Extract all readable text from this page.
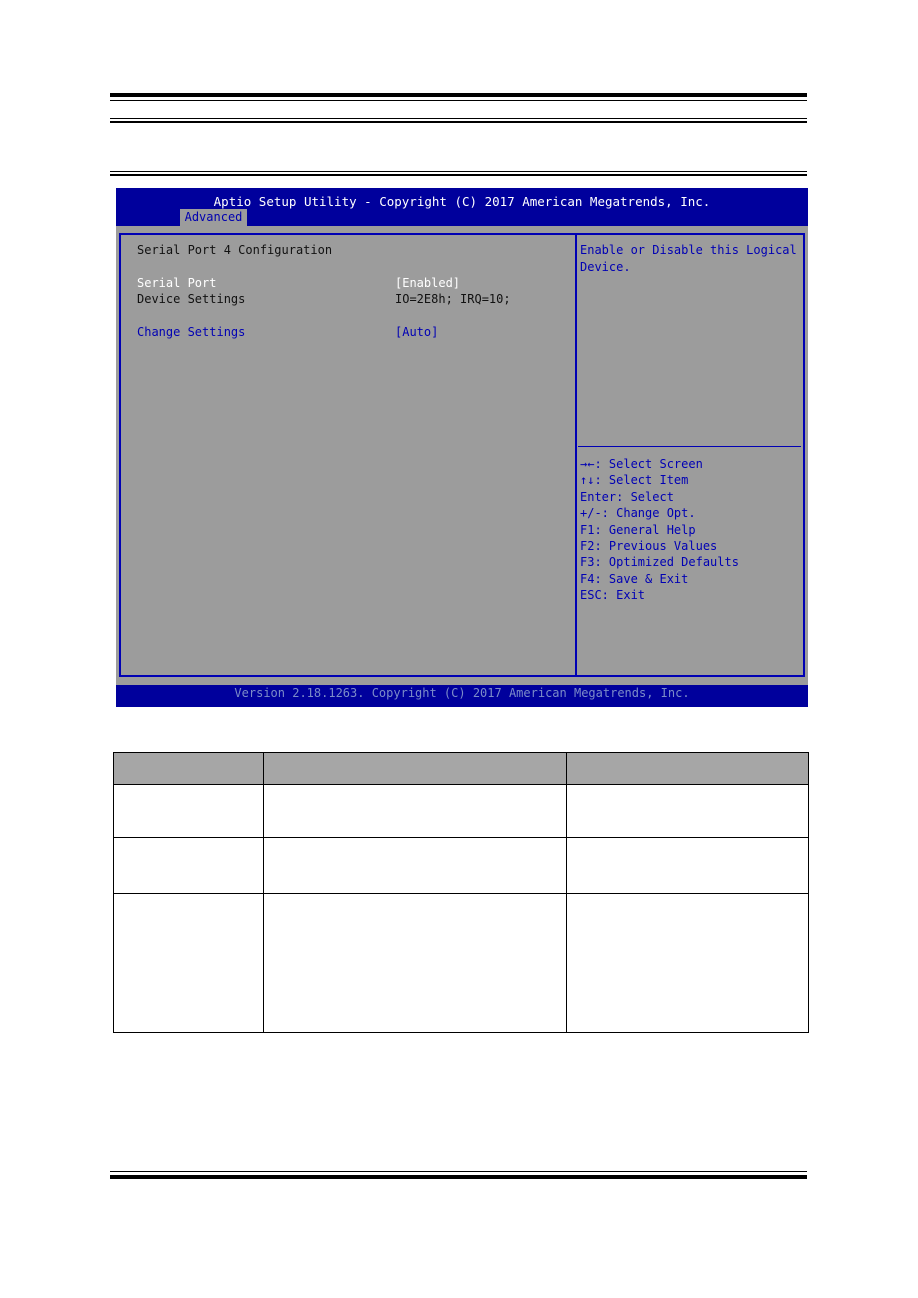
Aptio Setup Utility - Copyright (C) 2017 American Megatrends, Inc.
Advanced
Serial Port 4 Configuration
Serial Port	[Enabled]
Device Settings	IO=2E8h; IRQ=10;
Change Settings	[Auto]
Enable or Disable this Logical
Device.
→←: Select Screen
↑↓: Select Item
Enter: Select
+/-: Change Opt.
F1: General Help
F2: Previous Values
F3: Optimized Defaults
F4: Save & Exit
ESC: Exit
Version 2.18.1263. Copyright (C) 2017 American Megatrends, Inc.
